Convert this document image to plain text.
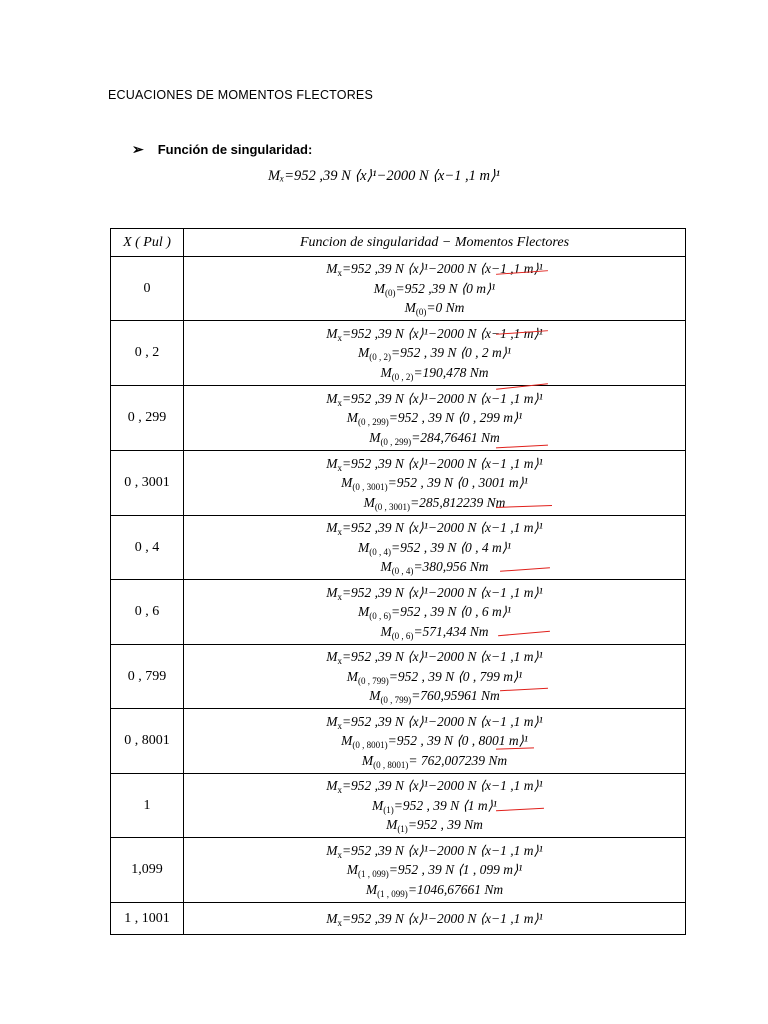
ECUACIONES DE MOMENTOS FLECTORES
➢ Función de singularidad:
Mₓ=952 ,39 N ⟨x⟩¹−2000 N ⟨x−1 ,1 m⟩¹
X ( Pul )	Funcion de singularidad − Momentos Flectores
0	$M_x=952$ ,39 N ⟨x⟩¹−2000 N ⟨x−1 ,1 m⟩¹
$M_{(0)}=952$ ,39 N ⟨0 m⟩¹
$M_{(0)}=0$ Nm

0 , 2	$M_x=952$ ,39 N ⟨x⟩¹−2000 N ⟨x−1 ,1 m⟩¹
$M_{(0 , 2)}=952$ , 39 N ⟨0 , 2 m⟩¹
$M_{(0 , 2)}=190,478$ Nm

0 , 299	$M_x=952$ ,39 N ⟨x⟩¹−2000 N ⟨x−1 ,1 m⟩¹
$M_{(0 , 299)}=952$ , 39 N ⟨0 , 299 m⟩¹
$M_{(0 , 299)}=284,76461$ Nm

0 , 3001	$M_x=952$ ,39 N ⟨x⟩¹−2000 N ⟨x−1 ,1 m⟩¹
$M_{(0 , 3001)}=952$ , 39 N ⟨0 , 3001 m⟩¹
$M_{(0 , 3001)}=285,812239$ Nm

0 , 4	$M_x=952$ ,39 N ⟨x⟩¹−2000 N ⟨x−1 ,1 m⟩¹
$M_{(0 , 4)}=952$ , 39 N ⟨0 , 4 m⟩¹
$M_{(0 , 4)}=380,956$ Nm

0 , 6	$M_x=952$ ,39 N ⟨x⟩¹−2000 N ⟨x−1 ,1 m⟩¹
$M_{(0 , 6)}=952$ , 39 N ⟨0 , 6 m⟩¹
$M_{(0 , 6)}=571,434$ Nm

0 , 799	$M_x=952$ ,39 N ⟨x⟩¹−2000 N ⟨x−1 ,1 m⟩¹
$M_{(0 , 799)}=952$ , 39 N ⟨0 , 799 m⟩¹
$M_{(0 , 799)}=760,95961$ Nm

0 , 8001	$M_x=952$ ,39 N ⟨x⟩¹−2000 N ⟨x−1 ,1 m⟩¹
$M_{(0 , 8001)}=952$ , 39 N ⟨0 , 8001 m⟩¹
$M_{(0 , 8001)}= 762,007239$ Nm

1	$M_x=952$ ,39 N ⟨x⟩¹−2000 N ⟨x−1 ,1 m⟩¹
$M_{(1)}=952$ , 39 N ⟨1 m⟩¹
$M_{(1)}=952$ , 39 Nm

1,099	$M_x=952$ ,39 N ⟨x⟩¹−2000 N ⟨x−1 ,1 m⟩¹
$M_{(1 , 099)}=952$ , 39 N ⟨1 , 099 m⟩¹
$M_{(1 , 099)}=1046,67661$ Nm

1 , 1001	$M_x=952$ ,39 N ⟨x⟩¹−2000 N ⟨x−1 ,1 m⟩¹
